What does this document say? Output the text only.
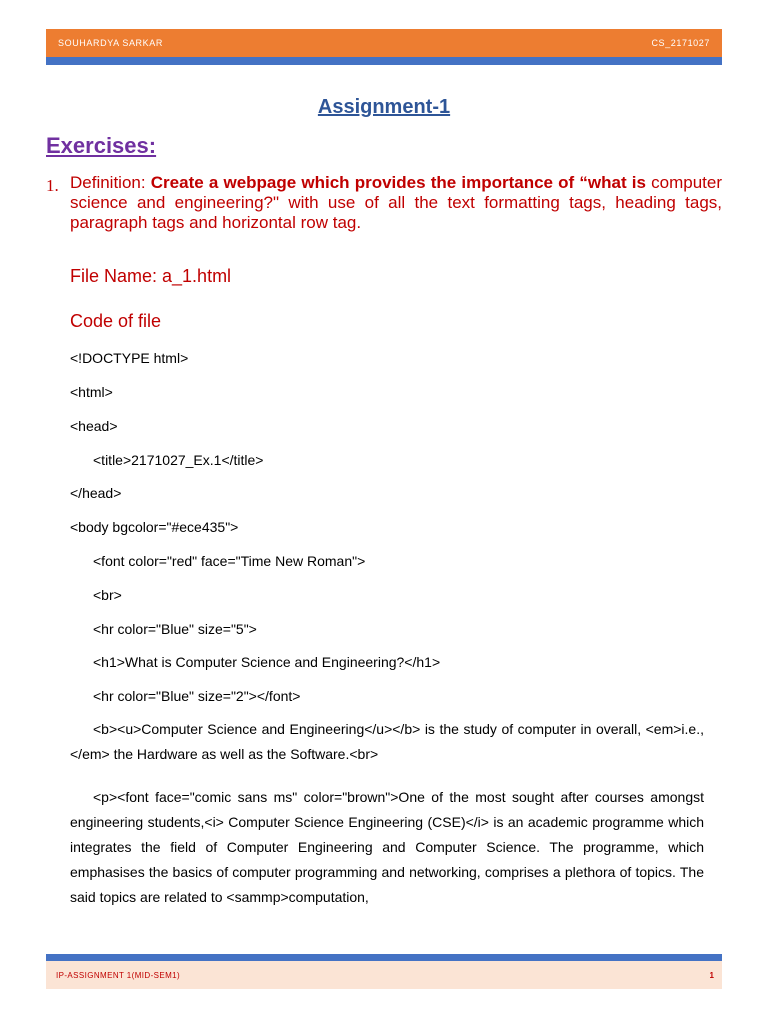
SOUHARDYA SARKAR	CS_2171027
Assignment-1
Exercises:
1. Definition: Create a webpage which provides the importance of “what is computer science and engineering?" with use of all the text formatting tags, heading tags, paragraph tags and horizontal row tag.
File Name: a_1.html
Code of file
<!DOCTYPE html>
<html>
<head>
<title>2171027_Ex.1</title>
</head>
<body bgcolor="#ece435">
<font color="red" face="Time New Roman">
<br>
<hr color="Blue" size="5">
<h1>What is Computer Science and Engineering?</h1>
<hr color="Blue" size="2"></font>
<b><u>Computer Science and Engineering</u></b> is the study of computer in overall, <em>i.e.,</em> the Hardware as well as the Software.<br>
<p><font face="comic sans ms" color="brown">One of the most sought after courses amongst engineering students,<i> Computer Science Engineering (CSE)</i> is an academic programme which integrates the field of Computer Engineering and Computer Science. The programme, which emphasises the basics of computer programming and networking, comprises a plethora of topics. The said topics are related to <sammp>computation,
IP-ASSIGNMENT 1(MID-SEM1)	1
